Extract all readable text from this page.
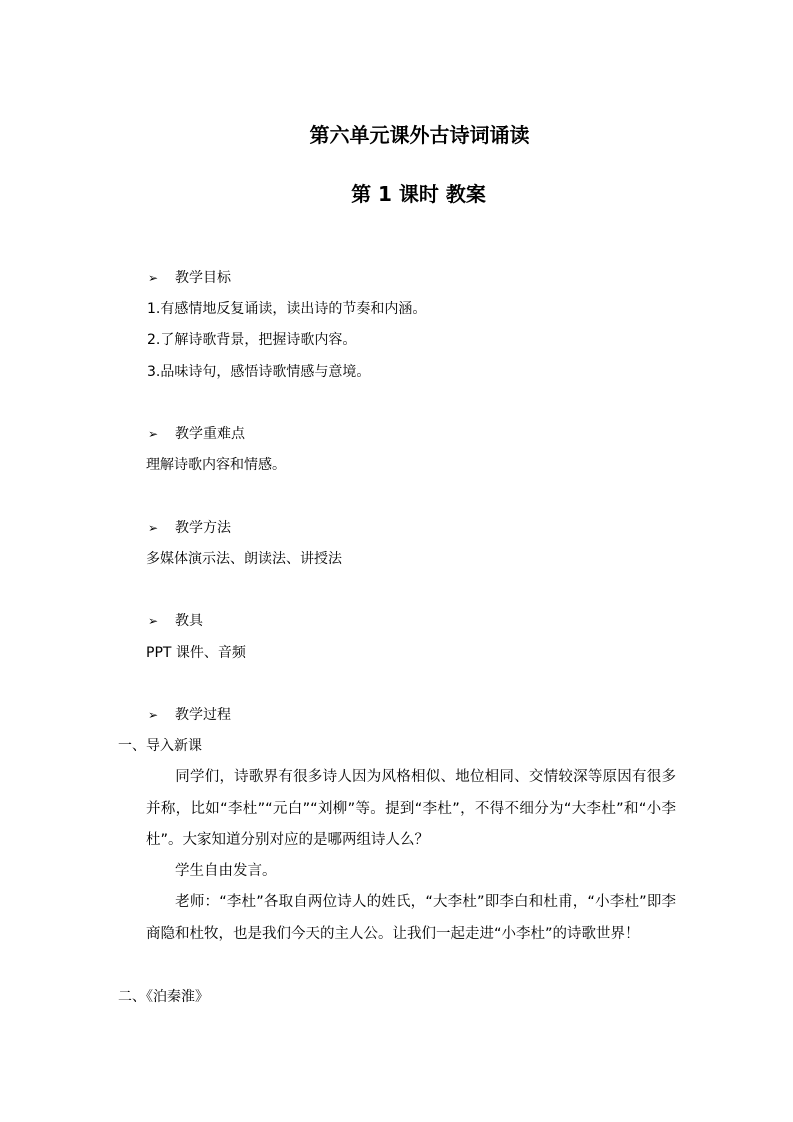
第六单元课外古诗词诵读
第 1 课时 教案
➢ 教学目标
1.有感情地反复诵读，读出诗的节奏和内涵。
2.了解诗歌背景，把握诗歌内容。
3.品味诗句，感悟诗歌情感与意境。
➢ 教学重难点
理解诗歌内容和情感。
➢ 教学方法
多媒体演示法、朗读法、讲授法
➢ 教具
PPT 课件、音频
➢ 教学过程
一、导入新课
同学们，诗歌界有很多诗人因为风格相似、地位相同、交情较深等原因有很多并称，比如“李杜”“元白”“刘柳”等。提到“李杜”，不得不细分为“大李杜”和“小李杜”。大家知道分别对应的是哪两组诗人么？
学生自由发言。
老师：“李杜”各取自两位诗人的姓氏，“大李杜”即李白和杜甫，“小李杜”即李商隐和杜牧，也是我们今天的主人公。让我们一起走进“小李杜”的诗歌世界！
二、《泊秦淮》
